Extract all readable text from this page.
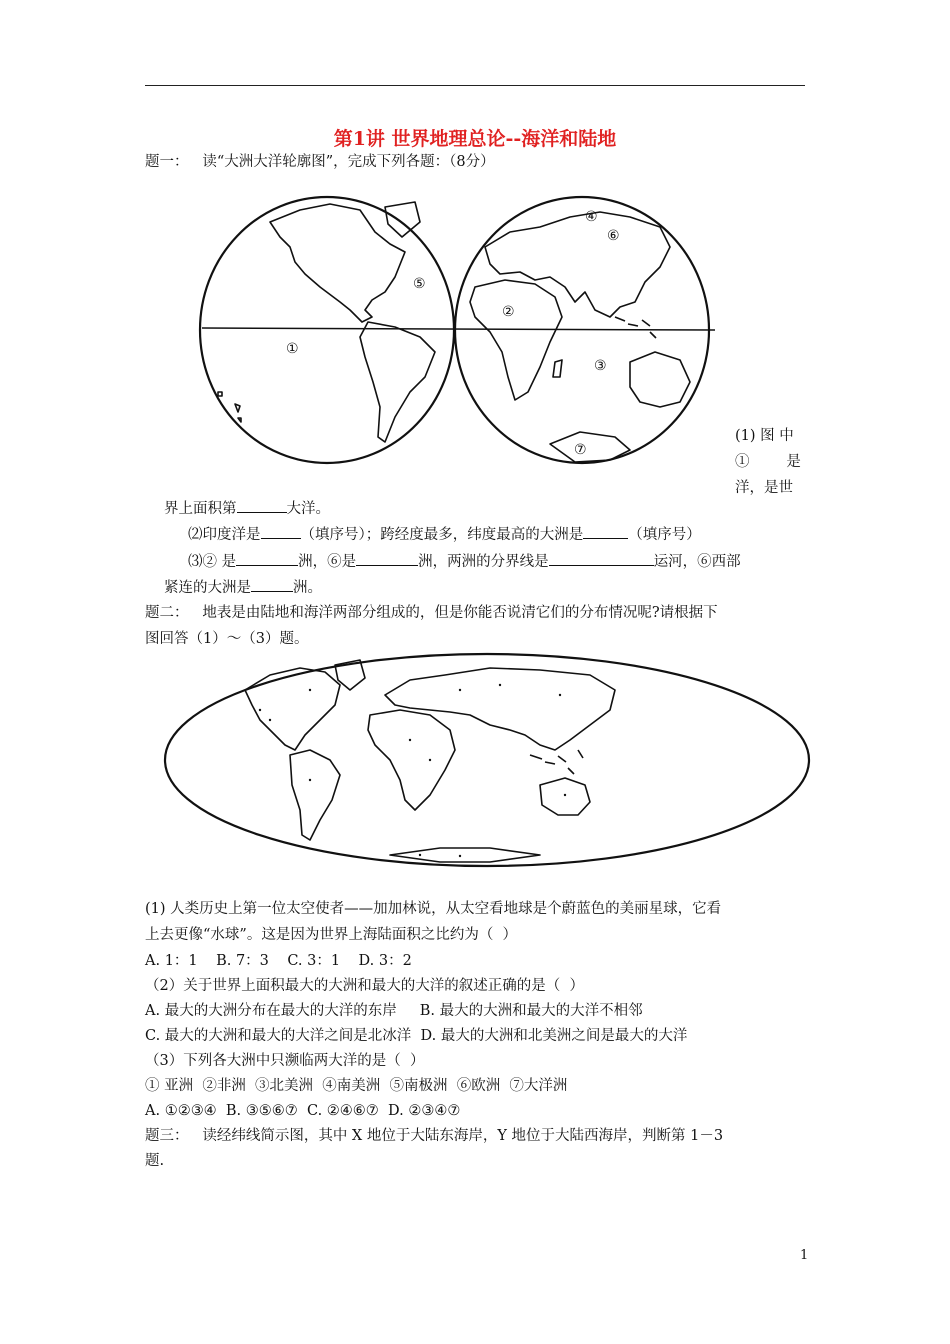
第1讲 世界地理总论--海洋和陆地
题一：   读“大洲大洋轮廓图”，完成下列各题：（8分）
①
②
③
④
⑤
⑥
⑦
(1) 图 中
①        是
洋，是世
界上面积第	大洋。
⑵印度洋是	（填序号）；跨经度最多，纬度最高的大洲是	（填序号）
⑶② 是	洲，⑥是	洲，两洲的分界线是	运河，⑥西部
紧连的大洲是	洲。
题二：   地表是由陆地和海洋两部分组成的，但是你能否说清它们的分布情况呢?请根据下
图回答（1）～（3）题。
(1) 人类历史上第一位太空使者——加加林说，从太空看地球是个蔚蓝色的美丽星球，它看
上去更像“水球”。这是因为世界上海陆面积之比约为（  ）
A. 1：1    B. 7：3    C. 3：1    D. 3：2
（2）关于世界上面积最大的大洲和最大的大洋的叙述正确的是（  ）
A. 最大的大洲分布在最大的大洋的东岸     B. 最大的大洲和最大的大洋不相邻
C. 最大的大洲和最大的大洋之间是北冰洋  D. 最大的大洲和北美洲之间是最大的大洋
（3）下列各大洲中只濒临两大洋的是（  ）
① 亚洲  ②非洲  ③北美洲  ④南美洲  ⑤南极洲  ⑥欧洲  ⑦大洋洲
A. ①②③④  B. ③⑤⑥⑦  C. ②④⑥⑦  D. ②③④⑦
题三：   读经纬线简示图，其中 X 地位于大陆东海岸，Y 地位于大陆西海岸，判断第 1－3
题.
1
